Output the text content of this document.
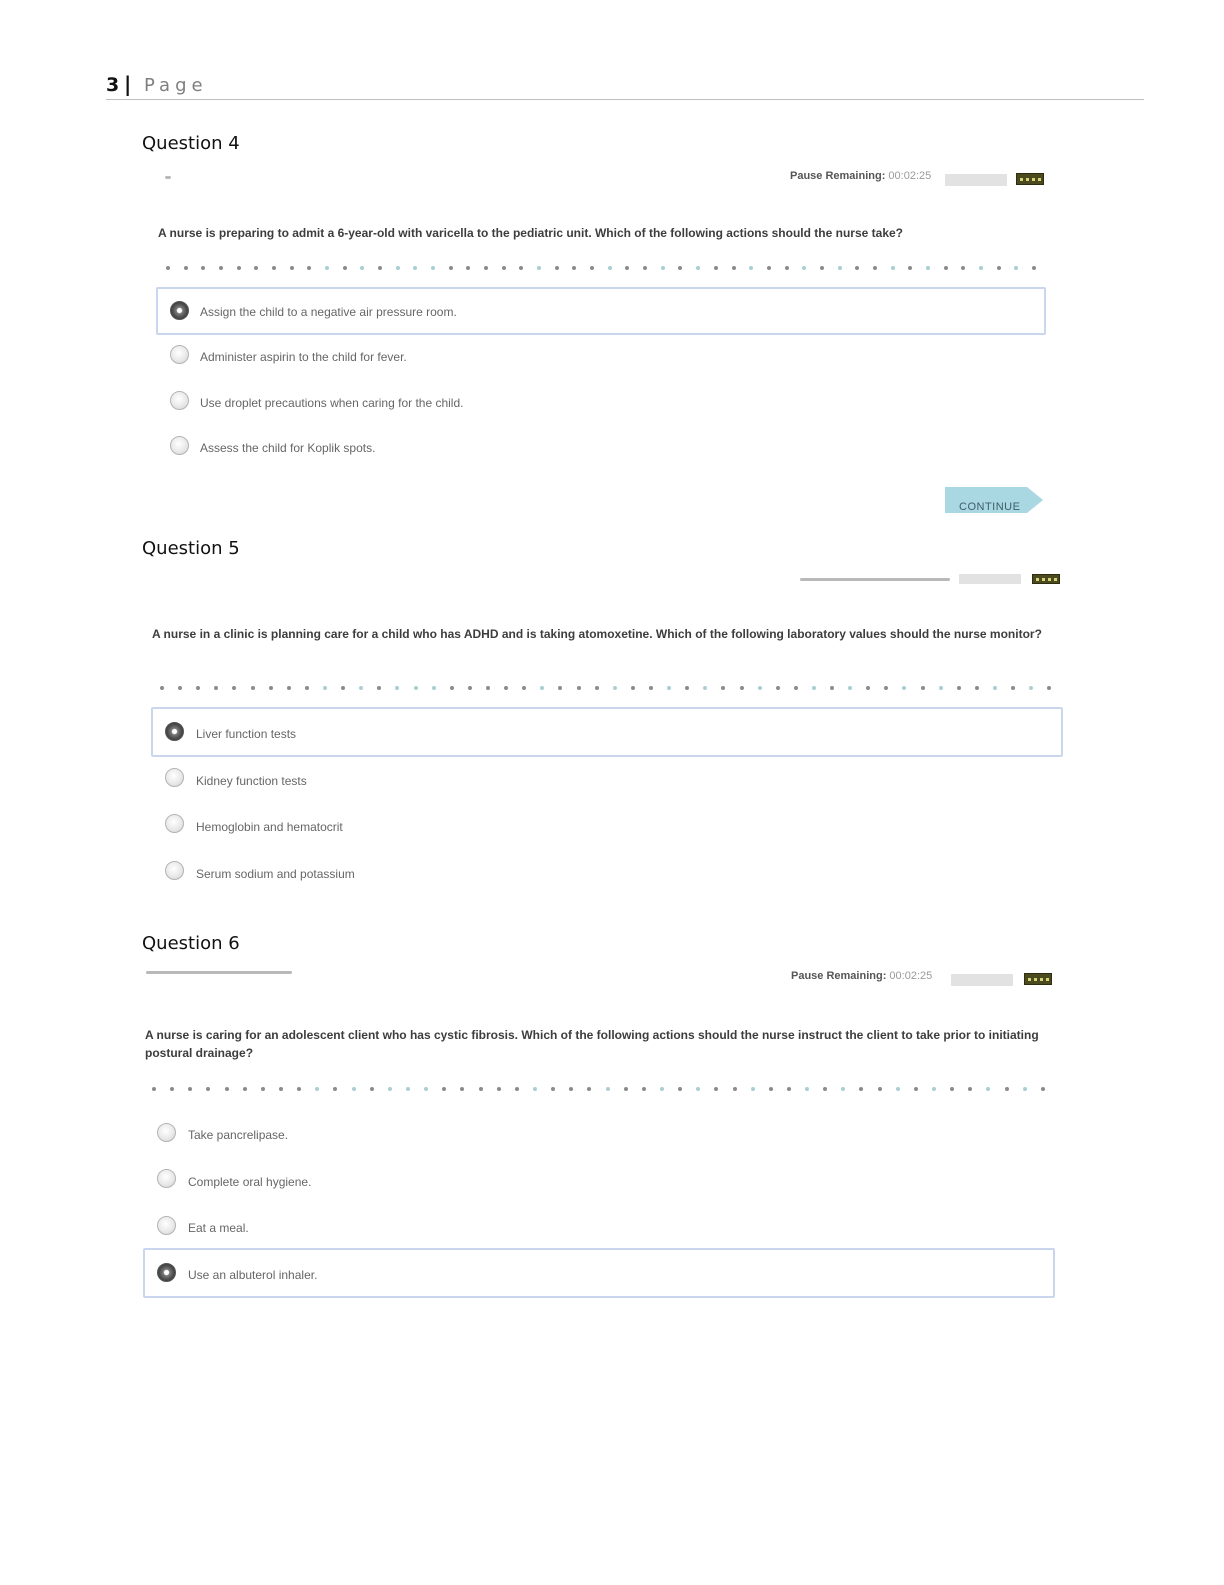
3 | Page
Question 4
Pause Remaining: 00:02:25
A nurse is preparing to admit a 6-year-old with varicella to the pediatric unit. Which of the following actions should the nurse take?
Assign the child to a negative air pressure room.
Administer aspirin to the child for fever.
Use droplet precautions when caring for the child.
Assess the child for Koplik spots.
CONTINUE
Question 5
A nurse in a clinic is planning care for a child who has ADHD and is taking atomoxetine. Which of the following laboratory values should the nurse monitor?
Liver function tests
Kidney function tests
Hemoglobin and hematocrit
Serum sodium and potassium
Question 6
Pause Remaining: 00:02:25
A nurse is caring for an adolescent client who has cystic fibrosis. Which of the following actions should the nurse instruct the client to take prior to initiating postural drainage?
Take pancrelipase.
Complete oral hygiene.
Eat a meal.
Use an albuterol inhaler.
